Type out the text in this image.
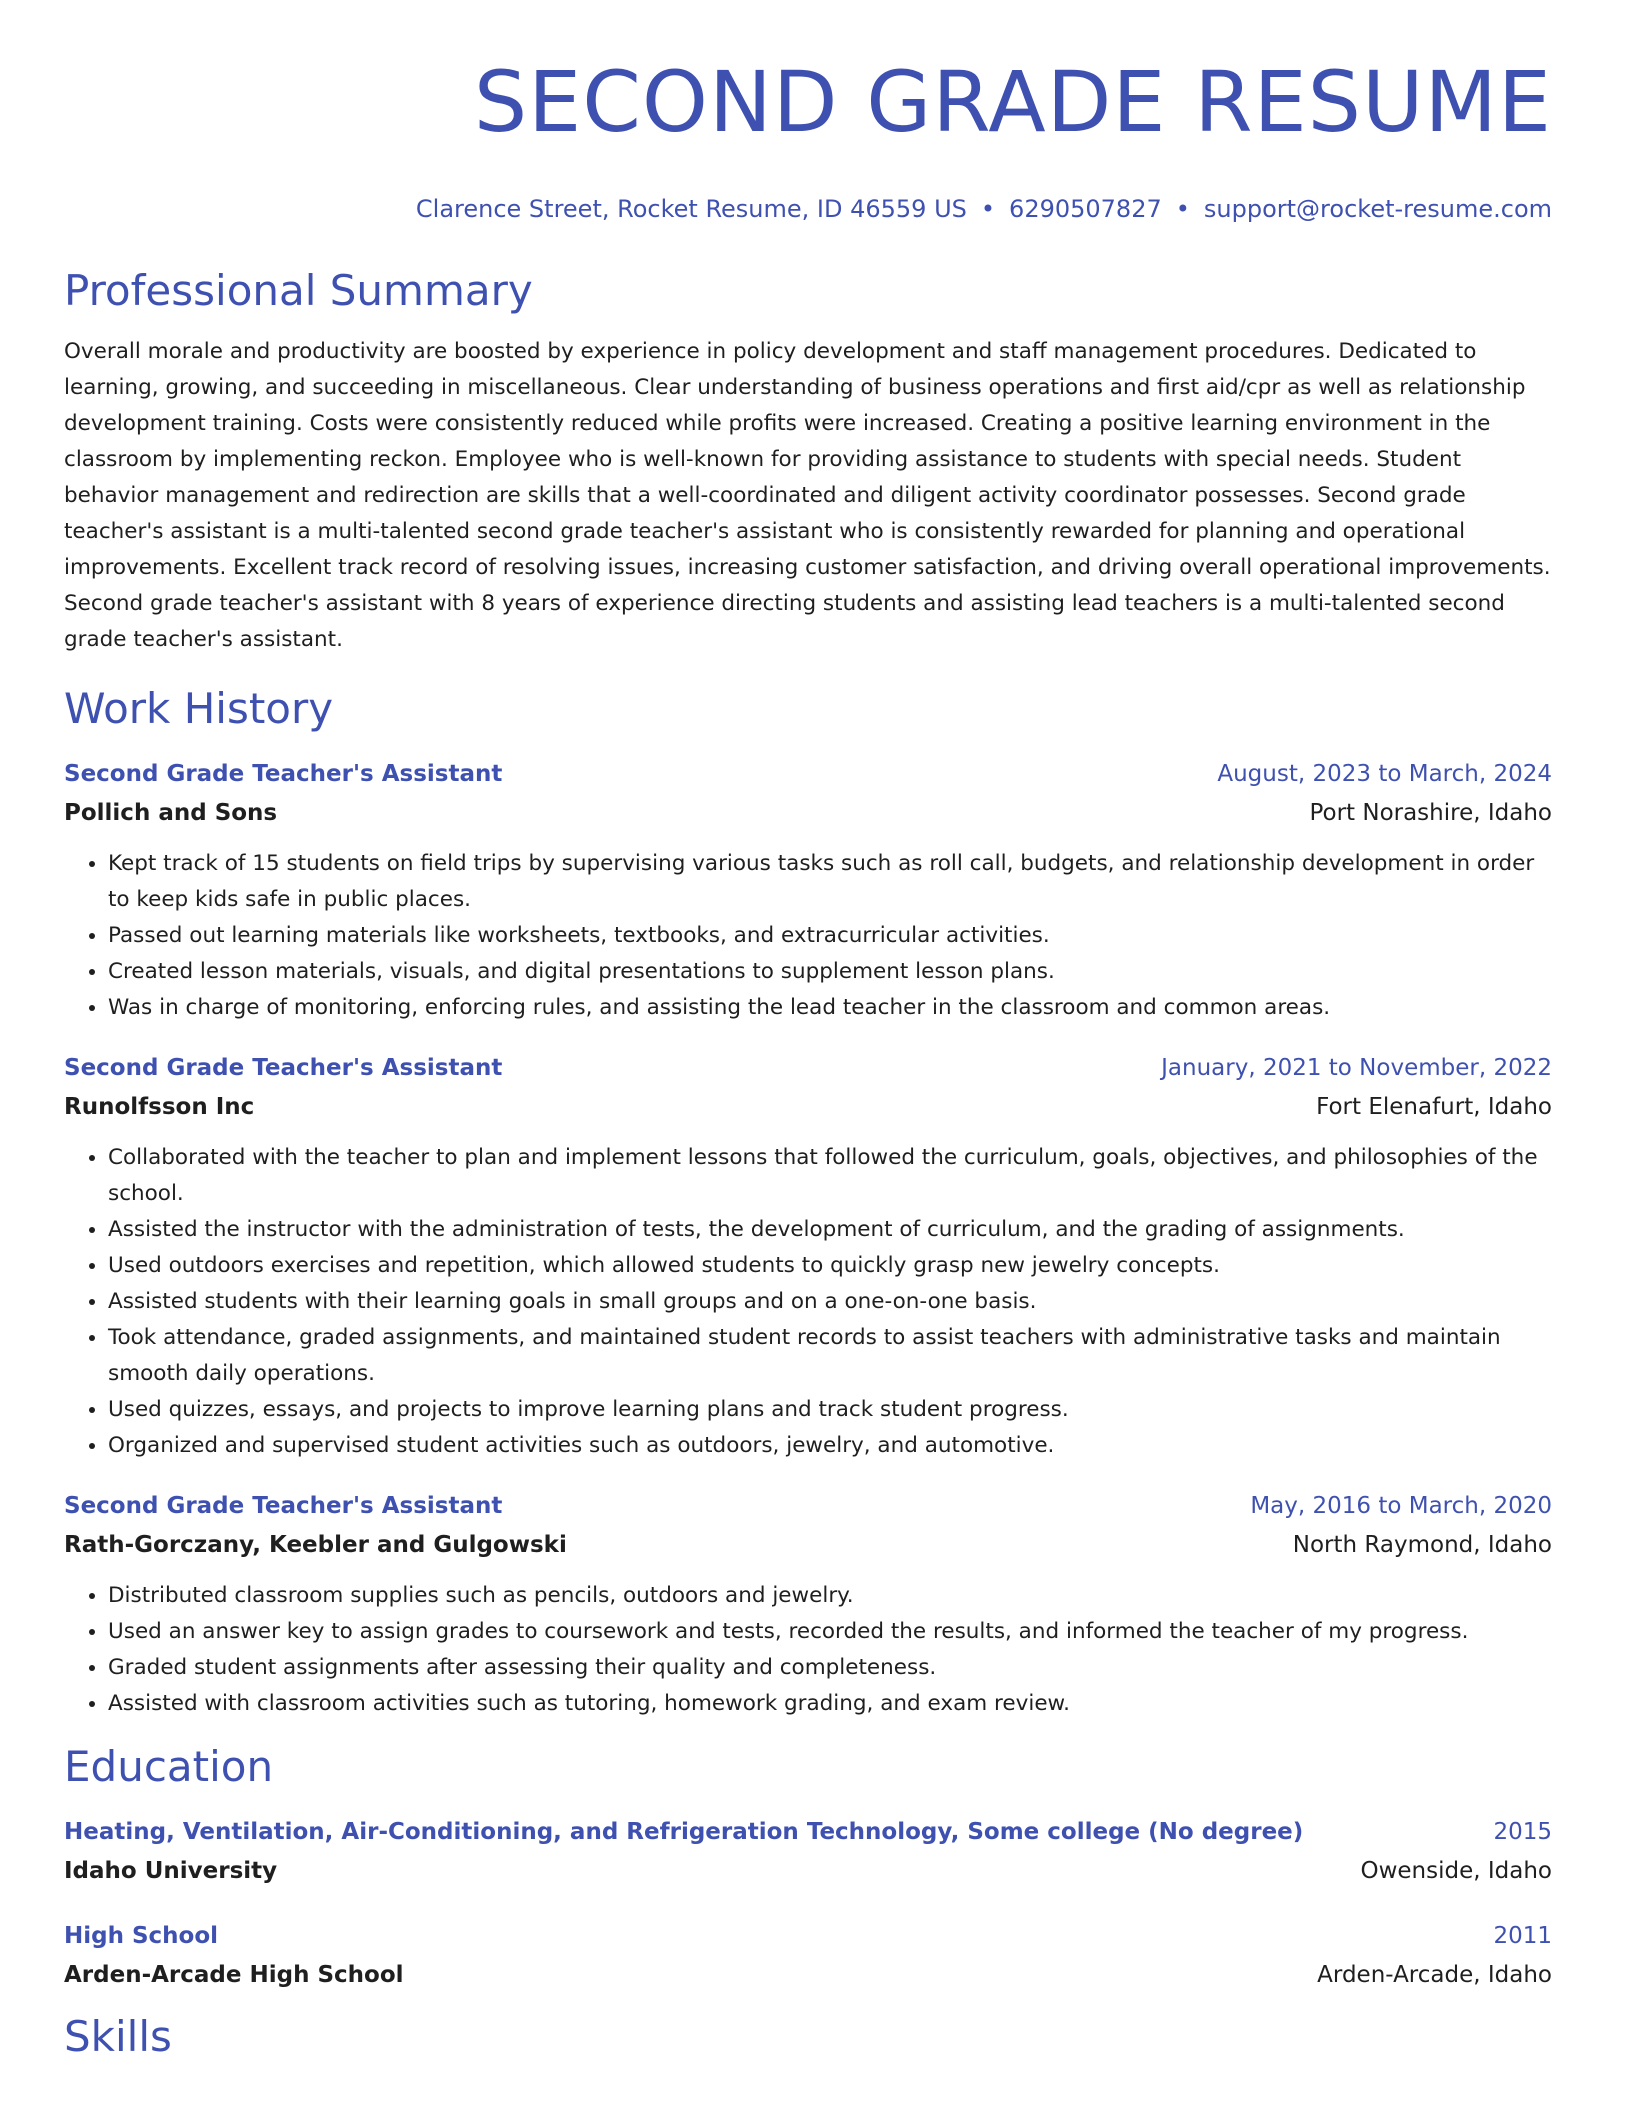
SECOND GRADE RESUME
Clarence Street, Rocket Resume, ID 46559 US • 6290507827 • support@rocket-resume.com
Professional Summary
Overall morale and productivity are boosted by experience in policy development and staff management procedures. Dedicated to learning, growing, and succeeding in miscellaneous. Clear understanding of business operations and first aid/cpr as well as relationship development training. Costs were consistently reduced while profits were increased. Creating a positive learning environment in the classroom by implementing reckon. Employee who is well-known for providing assistance to students with special needs. Student behavior management and redirection are skills that a well-coordinated and diligent activity coordinator possesses. Second grade teacher's assistant is a multi-talented second grade teacher's assistant who is consistently rewarded for planning and operational improvements. Excellent track record of resolving issues, increasing customer satisfaction, and driving overall operational improvements. Second grade teacher's assistant with 8 years of experience directing students and assisting lead teachers is a multi-talented second grade teacher's assistant.
Work History
Second Grade Teacher's Assistant	August, 2023 to March, 2024
Pollich and Sons	Port Norashire, Idaho
• Kept track of 15 students on field trips by supervising various tasks such as roll call, budgets, and relationship development in order to keep kids safe in public places.
• Passed out learning materials like worksheets, textbooks, and extracurricular activities.
• Created lesson materials, visuals, and digital presentations to supplement lesson plans.
• Was in charge of monitoring, enforcing rules, and assisting the lead teacher in the classroom and common areas.
Second Grade Teacher's Assistant	January, 2021 to November, 2022
Runolfsson Inc	Fort Elenafurt, Idaho
• Collaborated with the teacher to plan and implement lessons that followed the curriculum, goals, objectives, and philosophies of the school.
• Assisted the instructor with the administration of tests, the development of curriculum, and the grading of assignments.
• Used outdoors exercises and repetition, which allowed students to quickly grasp new jewelry concepts.
• Assisted students with their learning goals in small groups and on a one-on-one basis.
• Took attendance, graded assignments, and maintained student records to assist teachers with administrative tasks and maintain smooth daily operations.
• Used quizzes, essays, and projects to improve learning plans and track student progress.
• Organized and supervised student activities such as outdoors, jewelry, and automotive.
Second Grade Teacher's Assistant	May, 2016 to March, 2020
Rath-Gorczany, Keebler and Gulgowski	North Raymond, Idaho
• Distributed classroom supplies such as pencils, outdoors and jewelry.
• Used an answer key to assign grades to coursework and tests, recorded the results, and informed the teacher of my progress.
• Graded student assignments after assessing their quality and completeness.
• Assisted with classroom activities such as tutoring, homework grading, and exam review.
Education
Heating, Ventilation, Air-Conditioning, and Refrigeration Technology, Some college (No degree)	2015
Idaho University	Owenside, Idaho
High School	2011
Arden-Arcade High School	Arden-Arcade, Idaho
Skills
